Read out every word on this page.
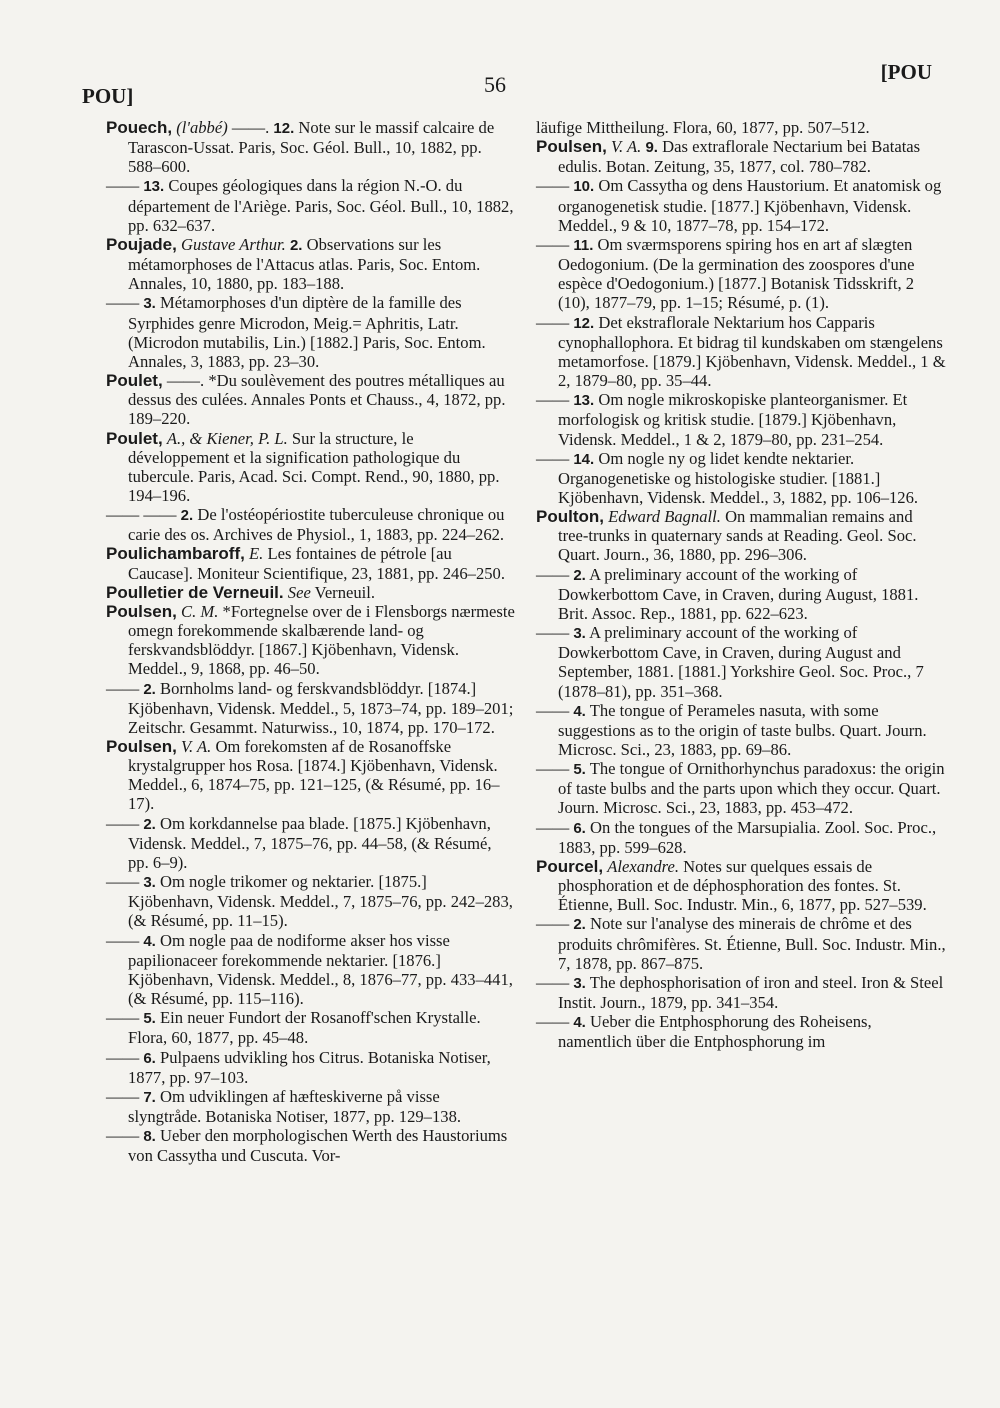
POU]	56	[POU

Pouech, (l'abbé) ——. 12. Note sur le massif calcaire de Tarascon-Ussat. Paris, Soc. Géol. Bull., 10, 1882, pp. 588–600.

—— 13. Coupes géologiques dans la région N.-O. du département de l'Ariège. Paris, Soc. Géol. Bull., 10, 1882, pp. 632–637.

Poujade, Gustave Arthur. 2. Observations sur les métamorphoses de l'Attacus atlas. Paris, Soc. Entom. Annales, 10, 1880, pp. 183–188.

—— 3. Métamorphoses d'un diptère de la famille des Syrphides genre Microdon, Meig.= Aphritis, Latr. (Microdon mutabilis, Lin.) [1882.] Paris, Soc. Entom. Annales, 3, 1883, pp. 23–30.

Poulet, ——. *Du soulèvement des poutres métalliques au dessus des culées. Annales Ponts et Chauss., 4, 1872, pp. 189–220.

Poulet, A., & Kiener, P. L. Sur la structure, le développement et la signification pathologique du tubercule. Paris, Acad. Sci. Compt. Rend., 90, 1880, pp. 194–196.

—— —— 2. De l'ostéopériostite tuberculeuse chronique ou carie des os. Archives de Physiol., 1, 1883, pp. 224–262.

Poulichambaroff, E. Les fontaines de pétrole [au Caucase]. Moniteur Scientifique, 23, 1881, pp. 246–250.

Poulletier de Verneuil. See Verneuil.

Poulsen, C. M. *Fortegnelse over de i Flensborgs nærmeste omegn forekommende skalbærende land- og ferskvandsblöddyr. [1867.] Kjöbenhavn, Vidensk. Meddel., 9, 1868, pp. 46–50.

—— 2. Bornholms land- og ferskvandsblöddyr. [1874.] Kjöbenhavn, Vidensk. Meddel., 5, 1873–74, pp. 189–201; Zeitschr. Gesammt. Naturwiss., 10, 1874, pp. 170–172.

Poulsen, V. A. Om forekomsten af de Rosanoffske krystalgrupper hos Rosa. [1874.] Kjöbenhavn, Vidensk. Meddel., 6, 1874–75, pp. 121–125, (& Résumé, pp. 16–17).

—— 2. Om korkdannelse paa blade. [1875.] Kjöbenhavn, Vidensk. Meddel., 7, 1875–76, pp. 44–58, (& Résumé, pp. 6–9).

—— 3. Om nogle trikomer og nektarier. [1875.] Kjöbenhavn, Vidensk. Meddel., 7, 1875–76, pp. 242–283, (& Résumé, pp. 11–15).

—— 4. Om nogle paa de nodiforme akser hos visse papilionaceer forekommende nektarier. [1876.] Kjöbenhavn, Vidensk. Meddel., 8, 1876–77, pp. 433–441, (& Résumé, pp. 115–116).

—— 5. Ein neuer Fundort der Rosanoff'schen Krystalle. Flora, 60, 1877, pp. 45–48.

—— 6. Pulpaens udvikling hos Citrus. Botaniska Notiser, 1877, pp. 97–103.

—— 7. Om udviklingen af hæfteskiverne på visse slyngtråde. Botaniska Notiser, 1877, pp. 129–138.

—— 8. Ueber den morphologischen Werth des Haustoriums von Cassytha und Cuscuta. Vor-

läufige Mittheilung. Flora, 60, 1877, pp. 507–512.

Poulsen, V. A. 9. Das extraflorale Nectarium bei Batatas edulis. Botan. Zeitung, 35, 1877, col. 780–782.

—— 10. Om Cassytha og dens Haustorium. Et anatomisk og organogenetisk studie. [1877.] Kjöbenhavn, Vidensk. Meddel., 9 & 10, 1877–78, pp. 154–172.

—— 11. Om sværmsporens spiring hos en art af slægten Oedogonium. (De la germination des zoospores d'une espèce d'Oedogonium.) [1877.] Botanisk Tidsskrift, 2 (10), 1877–79, pp. 1–15; Résumé, p. (1).

—— 12. Det ekstraflorale Nektarium hos Capparis cynophallophora. Et bidrag til kundskaben om stængelens metamorfose. [1879.] Kjöbenhavn, Vidensk. Meddel., 1 & 2, 1879–80, pp. 35–44.

—— 13. Om nogle mikroskopiske planteorganismer. Et morfologisk og kritisk studie. [1879.] Kjöbenhavn, Vidensk. Meddel., 1 & 2, 1879–80, pp. 231–254.

—— 14. Om nogle ny og lidet kendte nektarier. Organogenetiske og histologiske studier. [1881.] Kjöbenhavn, Vidensk. Meddel., 3, 1882, pp. 106–126.

Poulton, Edward Bagnall. On mammalian remains and tree-trunks in quaternary sands at Reading. Geol. Soc. Quart. Journ., 36, 1880, pp. 296–306.

—— 2. A preliminary account of the working of Dowkerbottom Cave, in Craven, during August, 1881. Brit. Assoc. Rep., 1881, pp. 622–623.

—— 3. A preliminary account of the working of Dowkerbottom Cave, in Craven, during August and September, 1881. [1881.] Yorkshire Geol. Soc. Proc., 7 (1878–81), pp. 351–368.

—— 4. The tongue of Perameles nasuta, with some suggestions as to the origin of taste bulbs. Quart. Journ. Microsc. Sci., 23, 1883, pp. 69–86.

—— 5. The tongue of Ornithorhynchus paradoxus: the origin of taste bulbs and the parts upon which they occur. Quart. Journ. Microsc. Sci., 23, 1883, pp. 453–472.

—— 6. On the tongues of the Marsupialia. Zool. Soc. Proc., 1883, pp. 599–628.

Pourcel, Alexandre. Notes sur quelques essais de phosphoration et de déphosphoration des fontes. St. Étienne, Bull. Soc. Industr. Min., 6, 1877, pp. 527–539.

—— 2. Note sur l'analyse des minerais de chrôme et des produits chrômifères. St. Étienne, Bull. Soc. Industr. Min., 7, 1878, pp. 867–875.

—— 3. The dephosphorisation of iron and steel. Iron & Steel Instit. Journ., 1879, pp. 341–354.

—— 4. Ueber die Entphosphorung des Roheisens, namentlich über die Entphosphorung im
